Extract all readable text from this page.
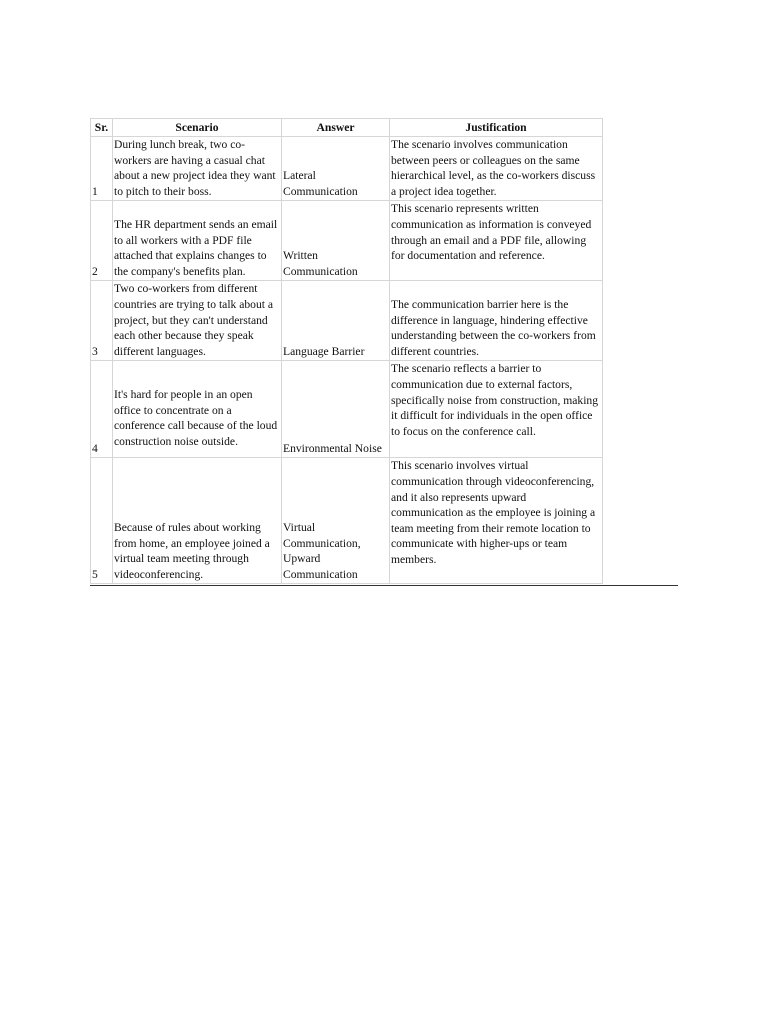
Sr.	Scenario	Answer	Justification
1	During lunch break, two co-workers are having a casual chat about a new project idea they want to pitch to their boss.	Lateral Communication	The scenario involves communication between peers or colleagues on the same hierarchical level, as the co-workers discuss a project idea together.
2	The HR department sends an email to all workers with a PDF file attached that explains changes to the company's benefits plan.	Written Communication	This scenario represents written communication as information is conveyed through an email and a PDF file, allowing for documentation and reference.
3	Two co-workers from different countries are trying to talk about a project, but they can't understand each other because they speak different languages.	Language Barrier	The communication barrier here is the difference in language, hindering effective understanding between the co-workers from different countries.
4	It's hard for people in an open office to concentrate on a conference call because of the loud construction noise outside.	Environmental Noise	The scenario reflects a barrier to communication due to external factors, specifically noise from construction, making it difficult for individuals in the open office to focus on the conference call.
5	Because of rules about working from home, an employee joined a virtual team meeting through videoconferencing.	Virtual Communication, Upward Communication	This scenario involves virtual communication through videoconferencing, and it also represents upward communication as the employee is joining a team meeting from their remote location to communicate with higher-ups or team members.
